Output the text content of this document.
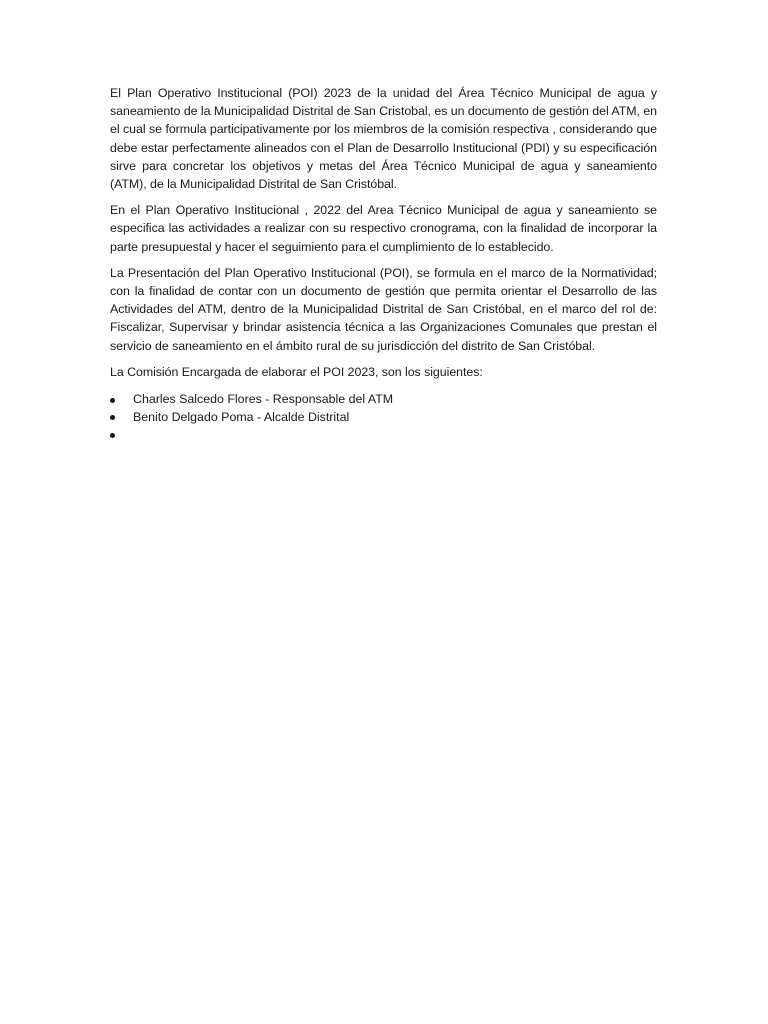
El Plan Operativo Institucional (POI) 2023 de la unidad del Área Técnico Municipal de agua y saneamiento de la Municipalidad Distrital de San Cristobal, es un documento de gestión del ATM, en el cual se formula participativamente por los miembros de la comisión respectiva , considerando que debe estar perfectamente alineados con el Plan de Desarrollo Institucional (PDI) y su especificación sirve para concretar los objetivos y metas del Área Técnico Municipal de agua y saneamiento (ATM), de la Municipalidad Distrital de San Cristóbal.

En el Plan Operativo Institucional , 2022 del Area Técnico Municipal de agua y saneamiento se especifica las actividades a realizar con su respectivo cronograma, con la finalidad de incorporar la parte presupuestal y hacer el seguimiento para el cumplimiento de lo establecido.

La Presentación del Plan Operativo Institucional (POI), se formula en el marco de la Normatividad; con la finalidad de contar con un documento de gestión que permita orientar el Desarrollo de las Actividades del ATM, dentro de la Municipalidad Distrital de San Cristóbal, en el marco del rol de: Fiscalizar, Supervisar y brindar asistencia técnica a las Organizaciones Comunales que prestan el servicio de saneamiento en el ámbito rural de su jurisdicción del distrito de San Cristóbal.

La Comisión Encargada de elaborar el POI 2023, son los siguientes:

Charles Salcedo Flores - Responsable del ATM
Benito Delgado Poma - Alcalde Distrital
